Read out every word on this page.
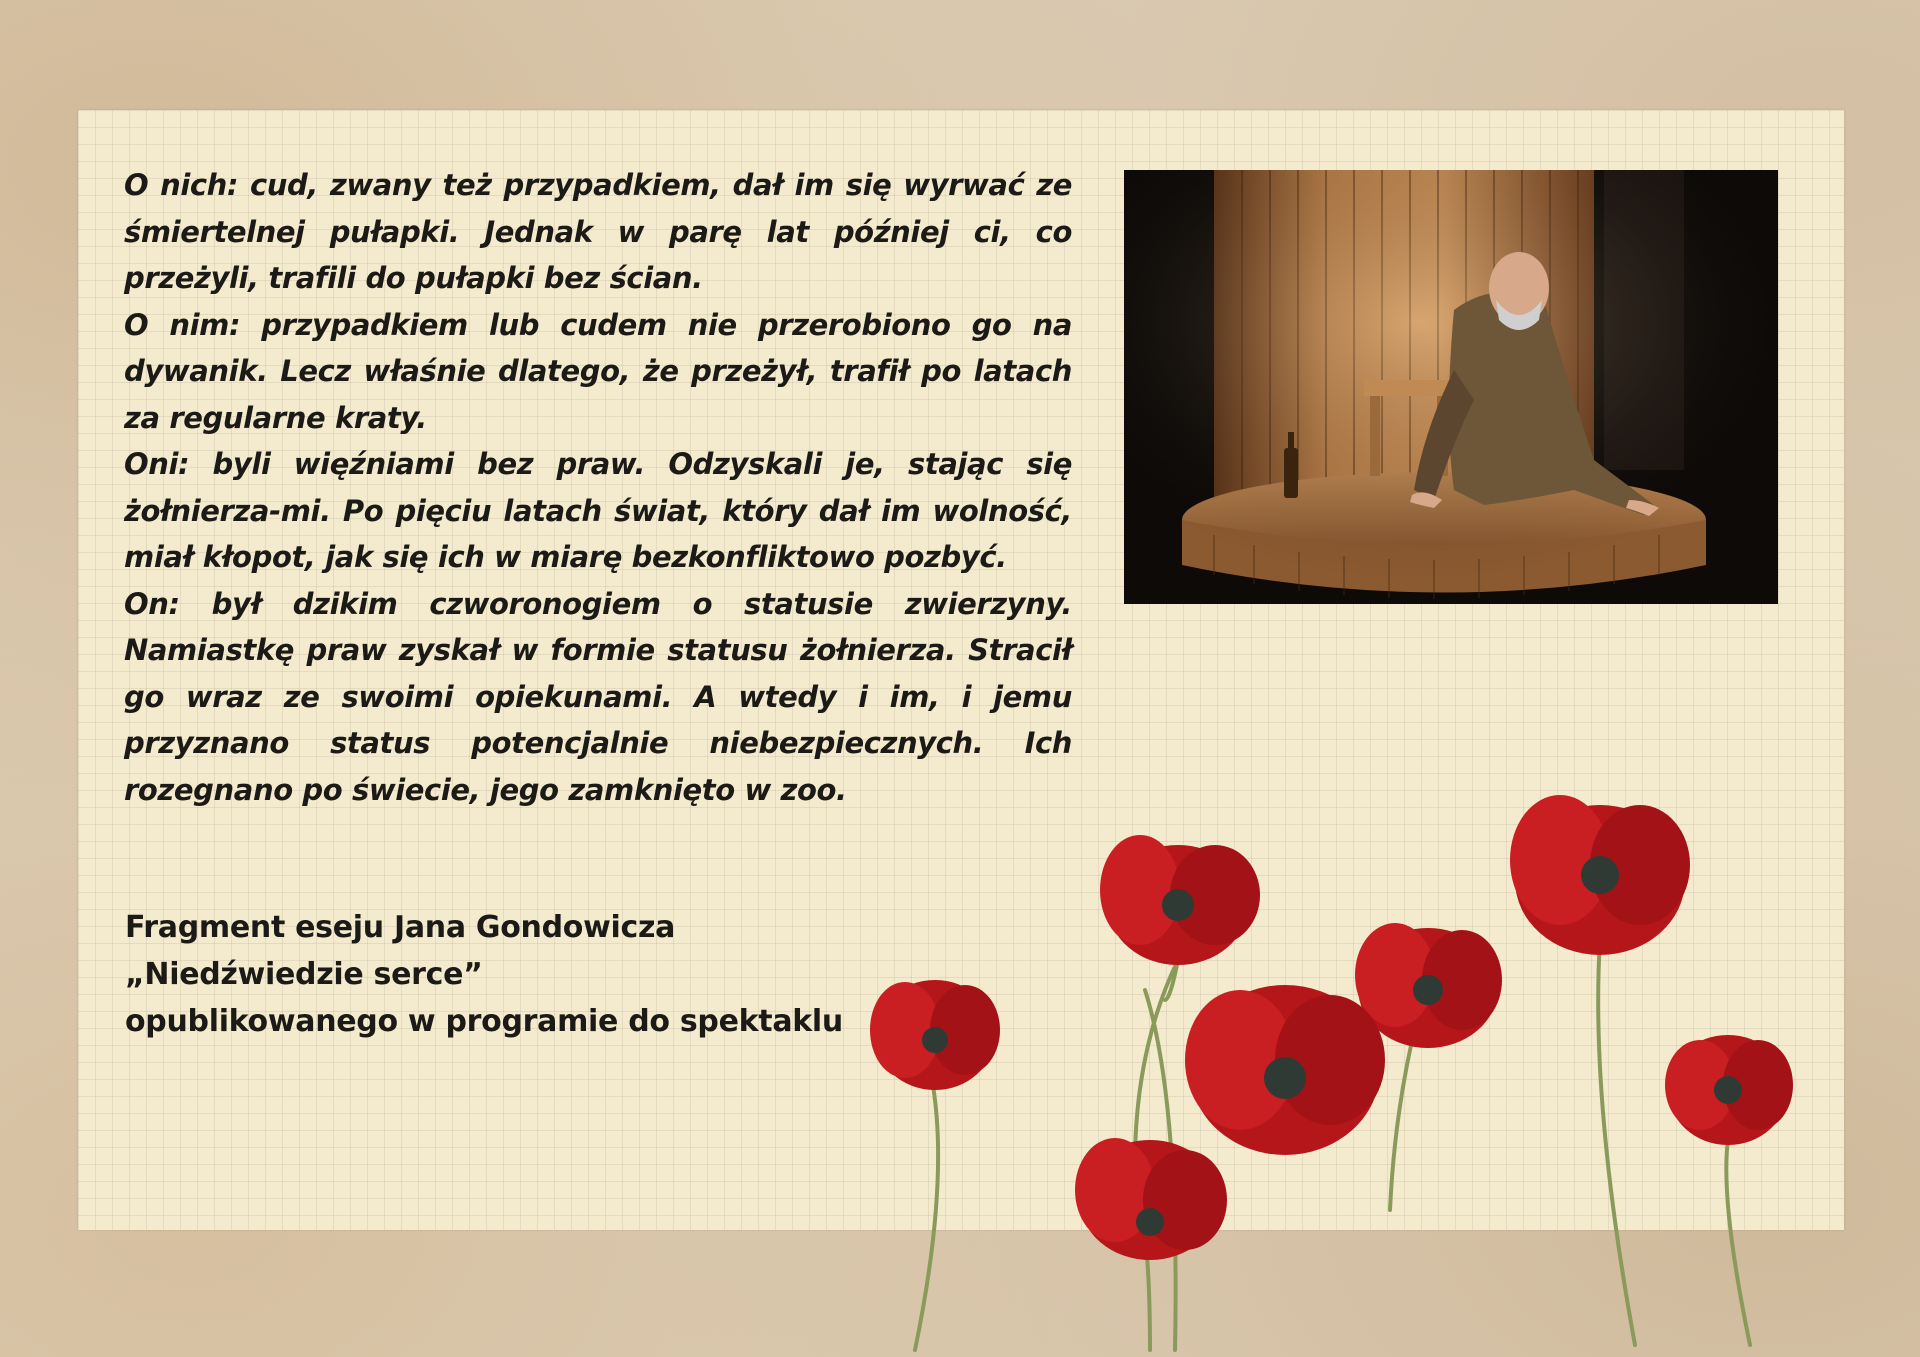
O nich: cud, zwany też przypadkiem, dał im się wyrwać ze śmiertelnej pułapki. Jednak w parę lat później ci, co przeżyli, trafili do pułapki bez ścian.

O nim: przypadkiem lub cudem nie przerobiono go na dywanik. Lecz właśnie dlatego, że przeżył, trafił po latach za regularne kraty.

Oni: byli więźniami bez praw. Odzyskali je, stając się żołnierza-mi. Po pięciu latach świat, który dał im wolność, miał kłopot, jak się ich w miarę bezkonfliktowo pozbyć.

On: był dzikim czworonogiem o statusie zwierzyny. Namiastkę praw zyskał w formie statusu żołnierza. Stracił go wraz ze swoimi opiekunami. A wtedy i im, i jemu przyznano status potencjalnie niebezpiecznych. Ich rozegnano po świecie, jego zamknięto w zoo.

Fragment eseju Jana Gondowicza
„Niedźwiedzie serce”
opublikowanego w programie do spektaklu
